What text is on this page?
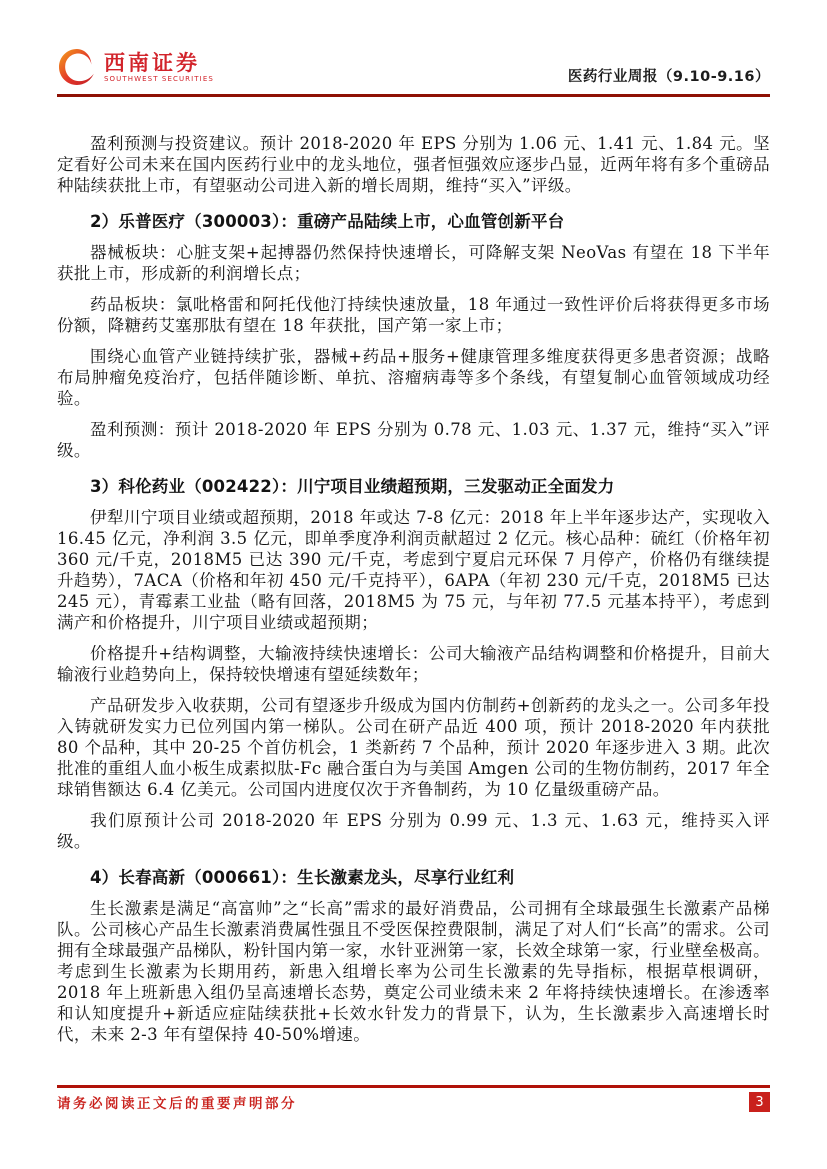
西南证券
SOUTHWEST SECURITIES	医药行业周报（9.10-9.16）

盈利预测与投资建议。预计 2018-2020 年 EPS 分别为 1.06 元、1.41 元、1.84 元。坚定看好公司未来在国内医药行业中的龙头地位，强者恒强效应逐步凸显，近两年将有多个重磅品种陆续获批上市，有望驱动公司进入新的增长周期，维持“买入”评级。

2）乐普医疗（300003）：重磅产品陆续上市，心血管创新平台

器械板块：心脏支架+起搏器仍然保持快速增长，可降解支架 NeoVas 有望在 18 下半年获批上市，形成新的利润增长点；

药品板块：氯吡格雷和阿托伐他汀持续快速放量，18 年通过一致性评价后将获得更多市场份额，降糖药艾塞那肽有望在 18 年获批，国产第一家上市；

围绕心血管产业链持续扩张，器械+药品+服务+健康管理多维度获得更多患者资源；战略布局肿瘤免疫治疗，包括伴随诊断、单抗、溶瘤病毒等多个条线，有望复制心血管领域成功经验。

盈利预测：预计 2018-2020 年 EPS 分别为 0.78 元、1.03 元、1.37 元，维持“买入”评级。

3）科伦药业（002422）：川宁项目业绩超预期，三发驱动正全面发力

伊犁川宁项目业绩或超预期，2018 年或达 7-8 亿元：2018 年上半年逐步达产，实现收入 16.45 亿元，净利润 3.5 亿元，即单季度净利润贡献超过 2 亿元。核心品种：硫红（价格年初 360 元/千克，2018M5 已达 390 元/千克，考虑到宁夏启元环保 7 月停产，价格仍有继续提升趋势），7ACA（价格和年初 450 元/千克持平），6APA（年初 230 元/千克，2018M5 已达 245 元），青霉素工业盐（略有回落，2018M5 为 75 元，与年初 77.5 元基本持平），考虑到满产和价格提升，川宁项目业绩或超预期；

价格提升+结构调整，大输液持续快速增长：公司大输液产品结构调整和价格提升，目前大输液行业趋势向上，保持较快增速有望延续数年；

产品研发步入收获期，公司有望逐步升级成为国内仿制药+创新药的龙头之一。公司多年投入铸就研发实力已位列国内第一梯队。公司在研产品近 400 项，预计 2018-2020 年内获批 80 个品种，其中 20-25 个首仿机会，1 类新药 7 个品种，预计 2020 年逐步进入 3 期。此次批准的重组人血小板生成素拟肽-Fc 融合蛋白为与美国 Amgen 公司的生物仿制药，2017 年全球销售额达 6.4 亿美元。公司国内进度仅次于齐鲁制药，为 10 亿量级重磅产品。

我们原预计公司 2018-2020 年 EPS 分别为 0.99 元、1.3 元、1.63 元，维持买入评级。

4）长春高新（000661）：生长激素龙头，尽享行业红利

生长激素是满足“高富帅”之“长高”需求的最好消费品，公司拥有全球最强生长激素产品梯队。公司核心产品生长激素消费属性强且不受医保控费限制，满足了对人们“长高”的需求。公司拥有全球最强产品梯队，粉针国内第一家，水针亚洲第一家，长效全球第一家，行业壁垒极高。考虑到生长激素为长期用药，新患入组增长率为公司生长激素的先导指标，根据草根调研，2018 年上班新患入组仍呈高速增长态势，奠定公司业绩未来 2 年将持续快速增长。在渗透率和认知度提升+新适应症陆续获批+长效水针发力的背景下，认为，生长激素步入高速增长时代，未来 2-3 年有望保持 40-50%增速。

请务必阅读正文后的重要声明部分	3
